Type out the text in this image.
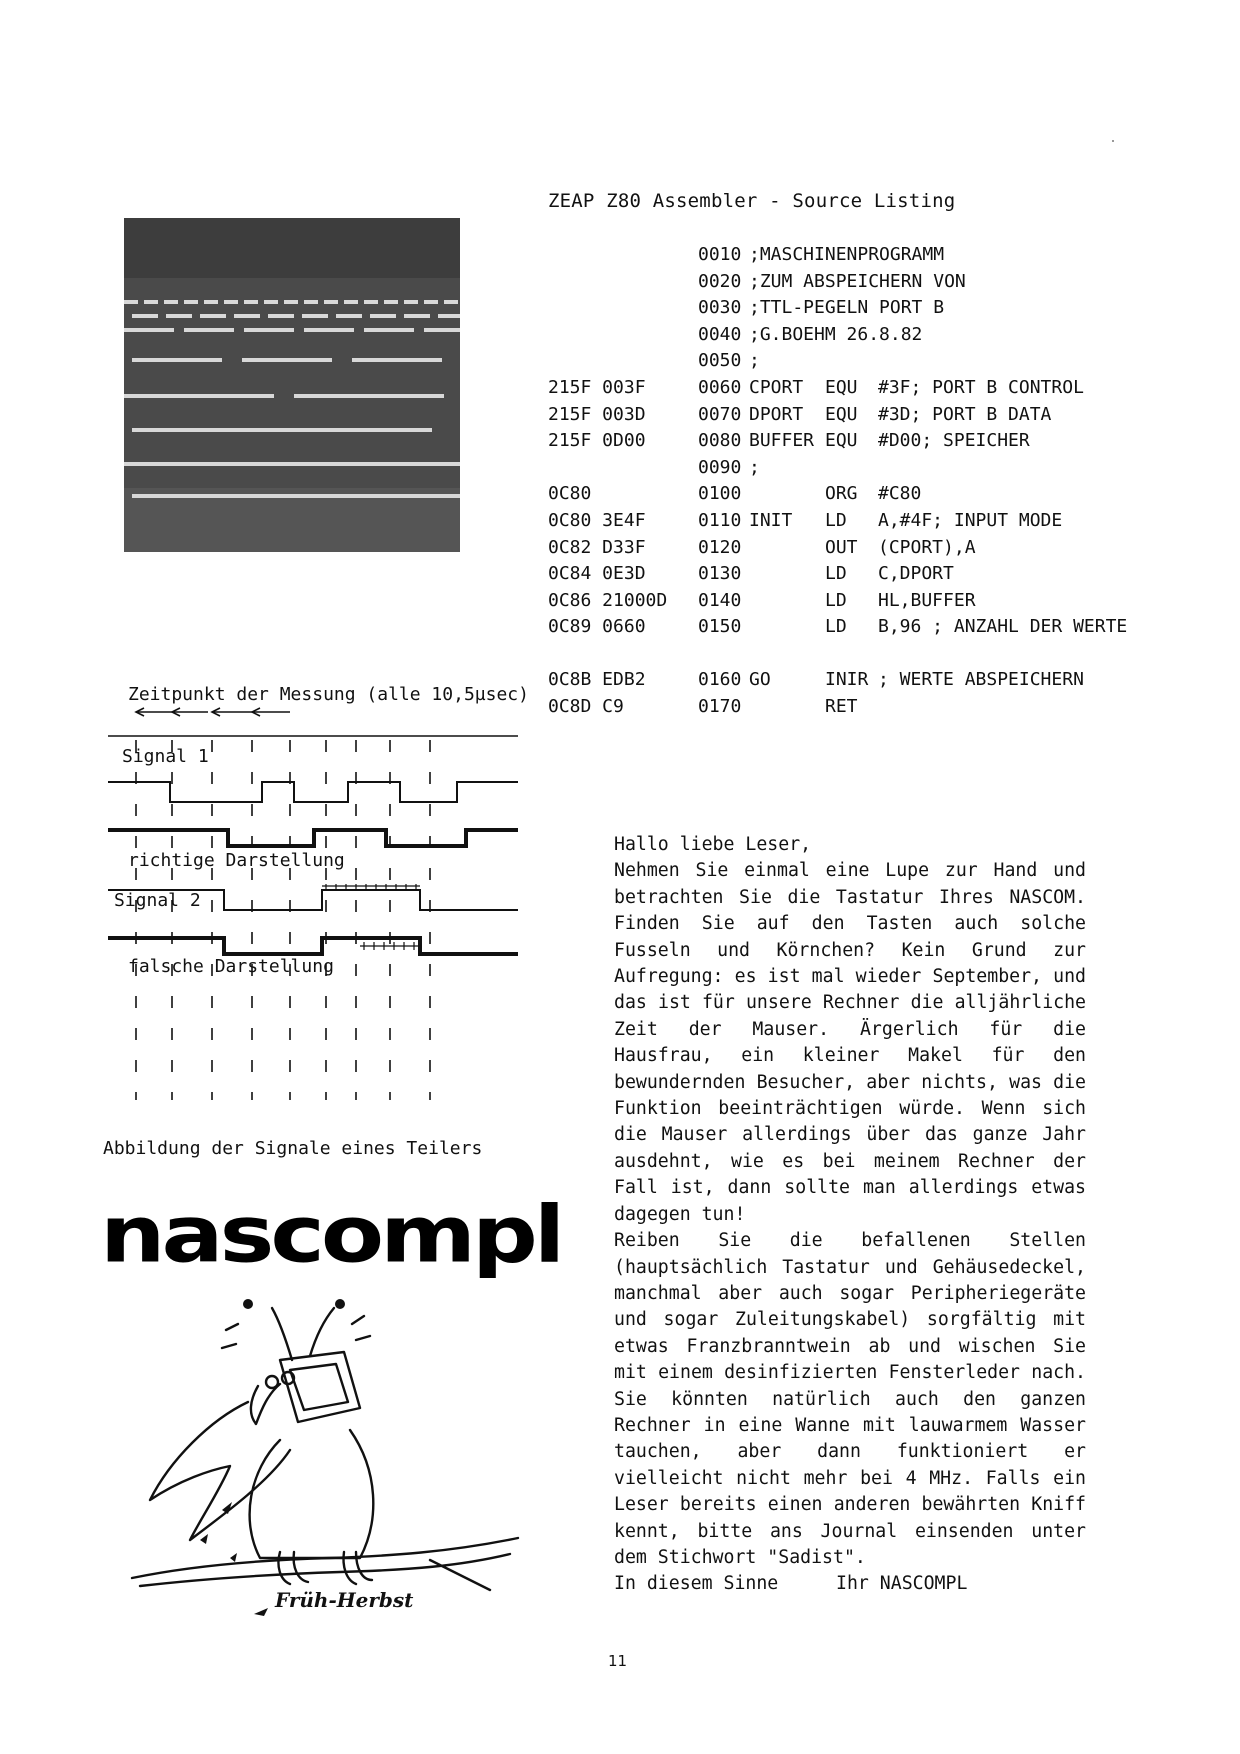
ZEAP Z80 Assembler - Source Listing
0010 ;MASCHINENPROGRAMM
0020 ;ZUM ABSPEICHERN VON
0030 ;TTL-PEGELN PORT B
0040 ;G.BOEHM 26.8.82
0050 ;
215F 003F	0060 CPORT EQU #3F; PORT B CONTROL
215F 003D	0070 DPORT EQU #3D; PORT B DATA
215F 0D00	0080 BUFFER EQU #D00; SPEICHER
0090 ;
0C80	0100	ORG #C80
0C80 3E4F	0110 INIT LD A,#4F; INPUT MODE
0C82 D33F	0120	OUT (CPORT),A
0C84 0E3D	0130	LD C,DPORT
0C86 21000D 0140	LD HL,BUFFER
0C89 0660	0150	LD B,96 ; ANZAHL DER WERTE
0C8B EDB2	0160 GO	INIR ; WERTE ABSPEICHERN
0C8D C9	0170	RET
Zeitpunkt der Messung (alle 10,5µsec)
Signal 1
richtige Darstellung
Signal 2
falsche Darstellung
Abbildung der Signale eines Teilers
nascompl
Früh-Herbst

Hallo liebe Leser,

Nehmen Sie einmal eine Lupe zur Hand und betrachten Sie die Tastatur Ihres NASCOM. Finden Sie auf den Tasten auch solche Fusseln und Körnchen? Kein Grund zur Aufregung: es ist mal wieder September, und das ist für unsere Rechner die alljährliche Zeit der Mauser. Ärgerlich für die Hausfrau, ein kleiner Makel für den bewundernden Besucher, aber nichts, was die Funktion beeinträchtigen würde. Wenn sich die Mauser allerdings über das ganze Jahr ausdehnt, wie es bei meinem Rechner der Fall ist, dann sollte man allerdings etwas dagegen tun!

Reiben Sie die befallenen Stellen (hauptsächlich Tastatur und Gehäusedeckel, manchmal aber auch sogar Peripheriegeräte und sogar Zuleitungskabel) sorgfältig mit etwas Franzbranntwein ab und wischen Sie mit einem desinfizierten Fensterleder nach. Sie könnten natürlich auch den ganzen Rechner in eine Wanne mit lauwarmem Wasser tauchen, aber dann funktioniert er vielleicht nicht mehr bei 4 MHz. Falls ein Leser bereits einen anderen bewährten Kniff kennt, bitte ans Journal einsenden unter dem Stichwort "Sadist".

In diesem Sinne

	Ihr NASCOMPL

11
